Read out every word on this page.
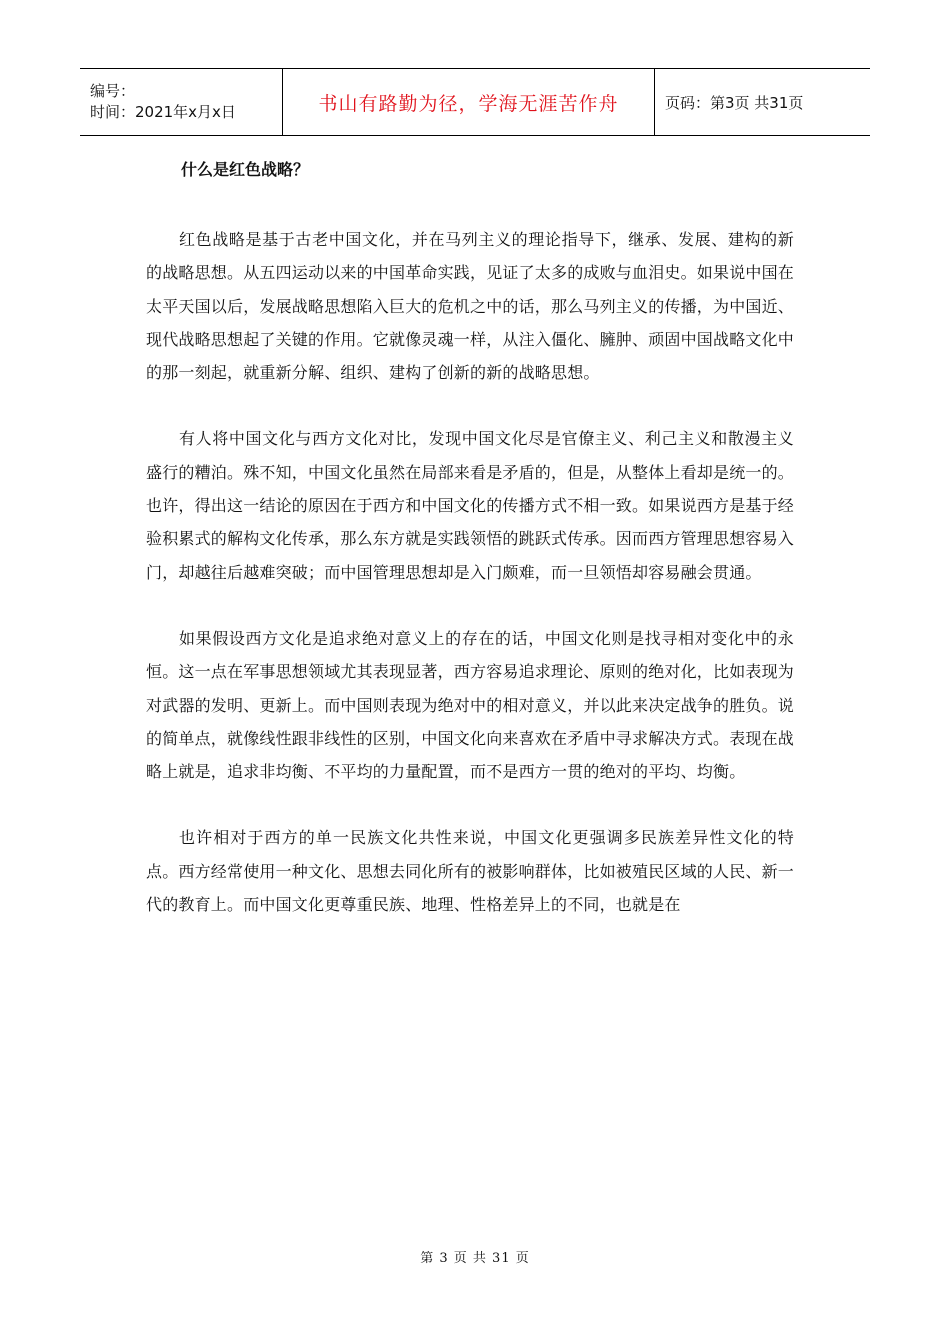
编号：
时间：2021年x月x日	书山有路勤为径，学海无涯苦作舟	页码：第3页 共31页
什么是红色战略？

红色战略是基于古老中国文化，并在马列主义的理论指导下，继承、发展、建构的新的战略思想。从五四运动以来的中国革命实践，见证了太多的成败与血泪史。如果说中国在太平天国以后，发展战略思想陷入巨大的危机之中的话，那么马列主义的传播，为中国近、现代战略思想起了关键的作用。它就像灵魂一样，从注入僵化、臃肿、顽固中国战略文化中的那一刻起，就重新分解、组织、建构了创新的新的战略思想。

有人将中国文化与西方文化对比，发现中国文化尽是官僚主义、利己主义和散漫主义盛行的糟泊。殊不知，中国文化虽然在局部来看是矛盾的，但是，从整体上看却是统一的。也许，得出这一结论的原因在于西方和中国文化的传播方式不相一致。如果说西方是基于经验积累式的解构文化传承，那么东方就是实践领悟的跳跃式传承。因而西方管理思想容易入门，却越往后越难突破；而中国管理思想却是入门颇难，而一旦领悟却容易融会贯通。

如果假设西方文化是追求绝对意义上的存在的话，中国文化则是找寻相对变化中的永恒。这一点在军事思想领域尤其表现显著，西方容易追求理论、原则的绝对化，比如表现为对武器的发明、更新上。而中国则表现为绝对中的相对意义，并以此来决定战争的胜负。说的简单点，就像线性跟非线性的区别，中国文化向来喜欢在矛盾中寻求解决方式。表现在战略上就是，追求非均衡、不平均的力量配置，而不是西方一贯的绝对的平均、均衡。

也许相对于西方的单一民族文化共性来说，中国文化更强调多民族差异性文化的特点。西方经常使用一种文化、思想去同化所有的被影响群体，比如被殖民区域的人民、新一代的教育上。而中国文化更尊重民族、地理、性格差异上的不同，也就是在

第 3 页 共 31 页
